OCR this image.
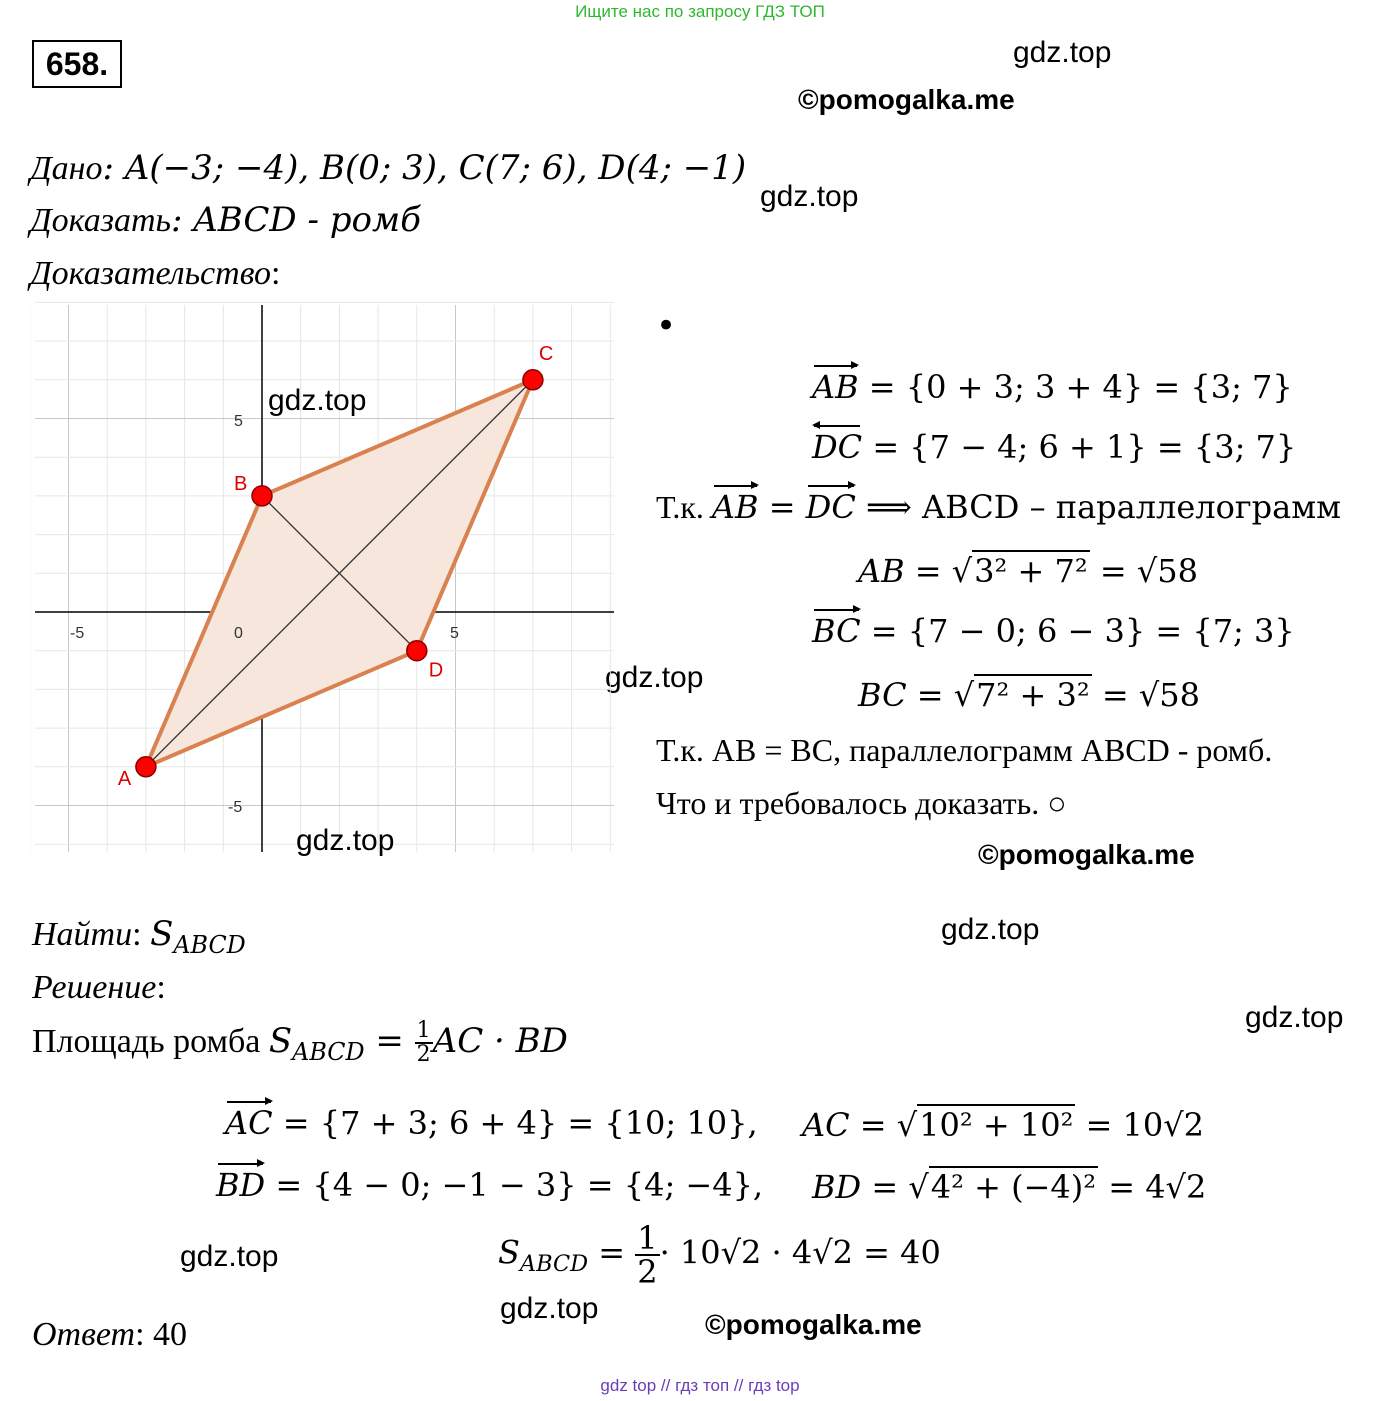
Ищите нас по запросу ГДЗ ТОП
658.	gdz.top
©pomogalka.me
gdz.top
gdz.top
©pomogalka.me
gdz.top
gdz.top
gdz.top
gdz.top	©pomogalka.me
Дано: A(−3; −4), B(0; 3), C(7; 6), D(4; −1)
Доказать: ABCD - ромб
Доказательство:
-5	0	5
5
-5
A
B
C
D
gdz.top
gdz.top
•
AB = {0 + 3; 3 + 4} = {3; 7}
DC = {7 − 4; 6 + 1} = {3; 7}
Т.к. AB = DC ⟹ ABCD – параллелограмм
AB = √3² + 7² = √58
BC = {7 − 0; 6 − 3} = {7; 3}
BC = √7² + 3² = √58
Т.к. AB = BC, параллелограмм ABCD - ромб.
Что и требовалось доказать. ○
Найти: $S_{ABCD}$
Решение:
Площадь ромба $S_{ABCD} = \frac{1}{2}$ AC · BD
AC = {7 + 3; 6 + 4} = {10; 10}, AC = √10² + 10² = 10√2
BD = {4 − 0; −1 − 3} = {4; −4}, BD = √4² + (−4)² = 4√2
$S_{ABCD} = \frac{1}{2} \cdot 10√2 \cdot 4√2 = 40$
Ответ: 40
gdz top // гдз топ // гдз top
